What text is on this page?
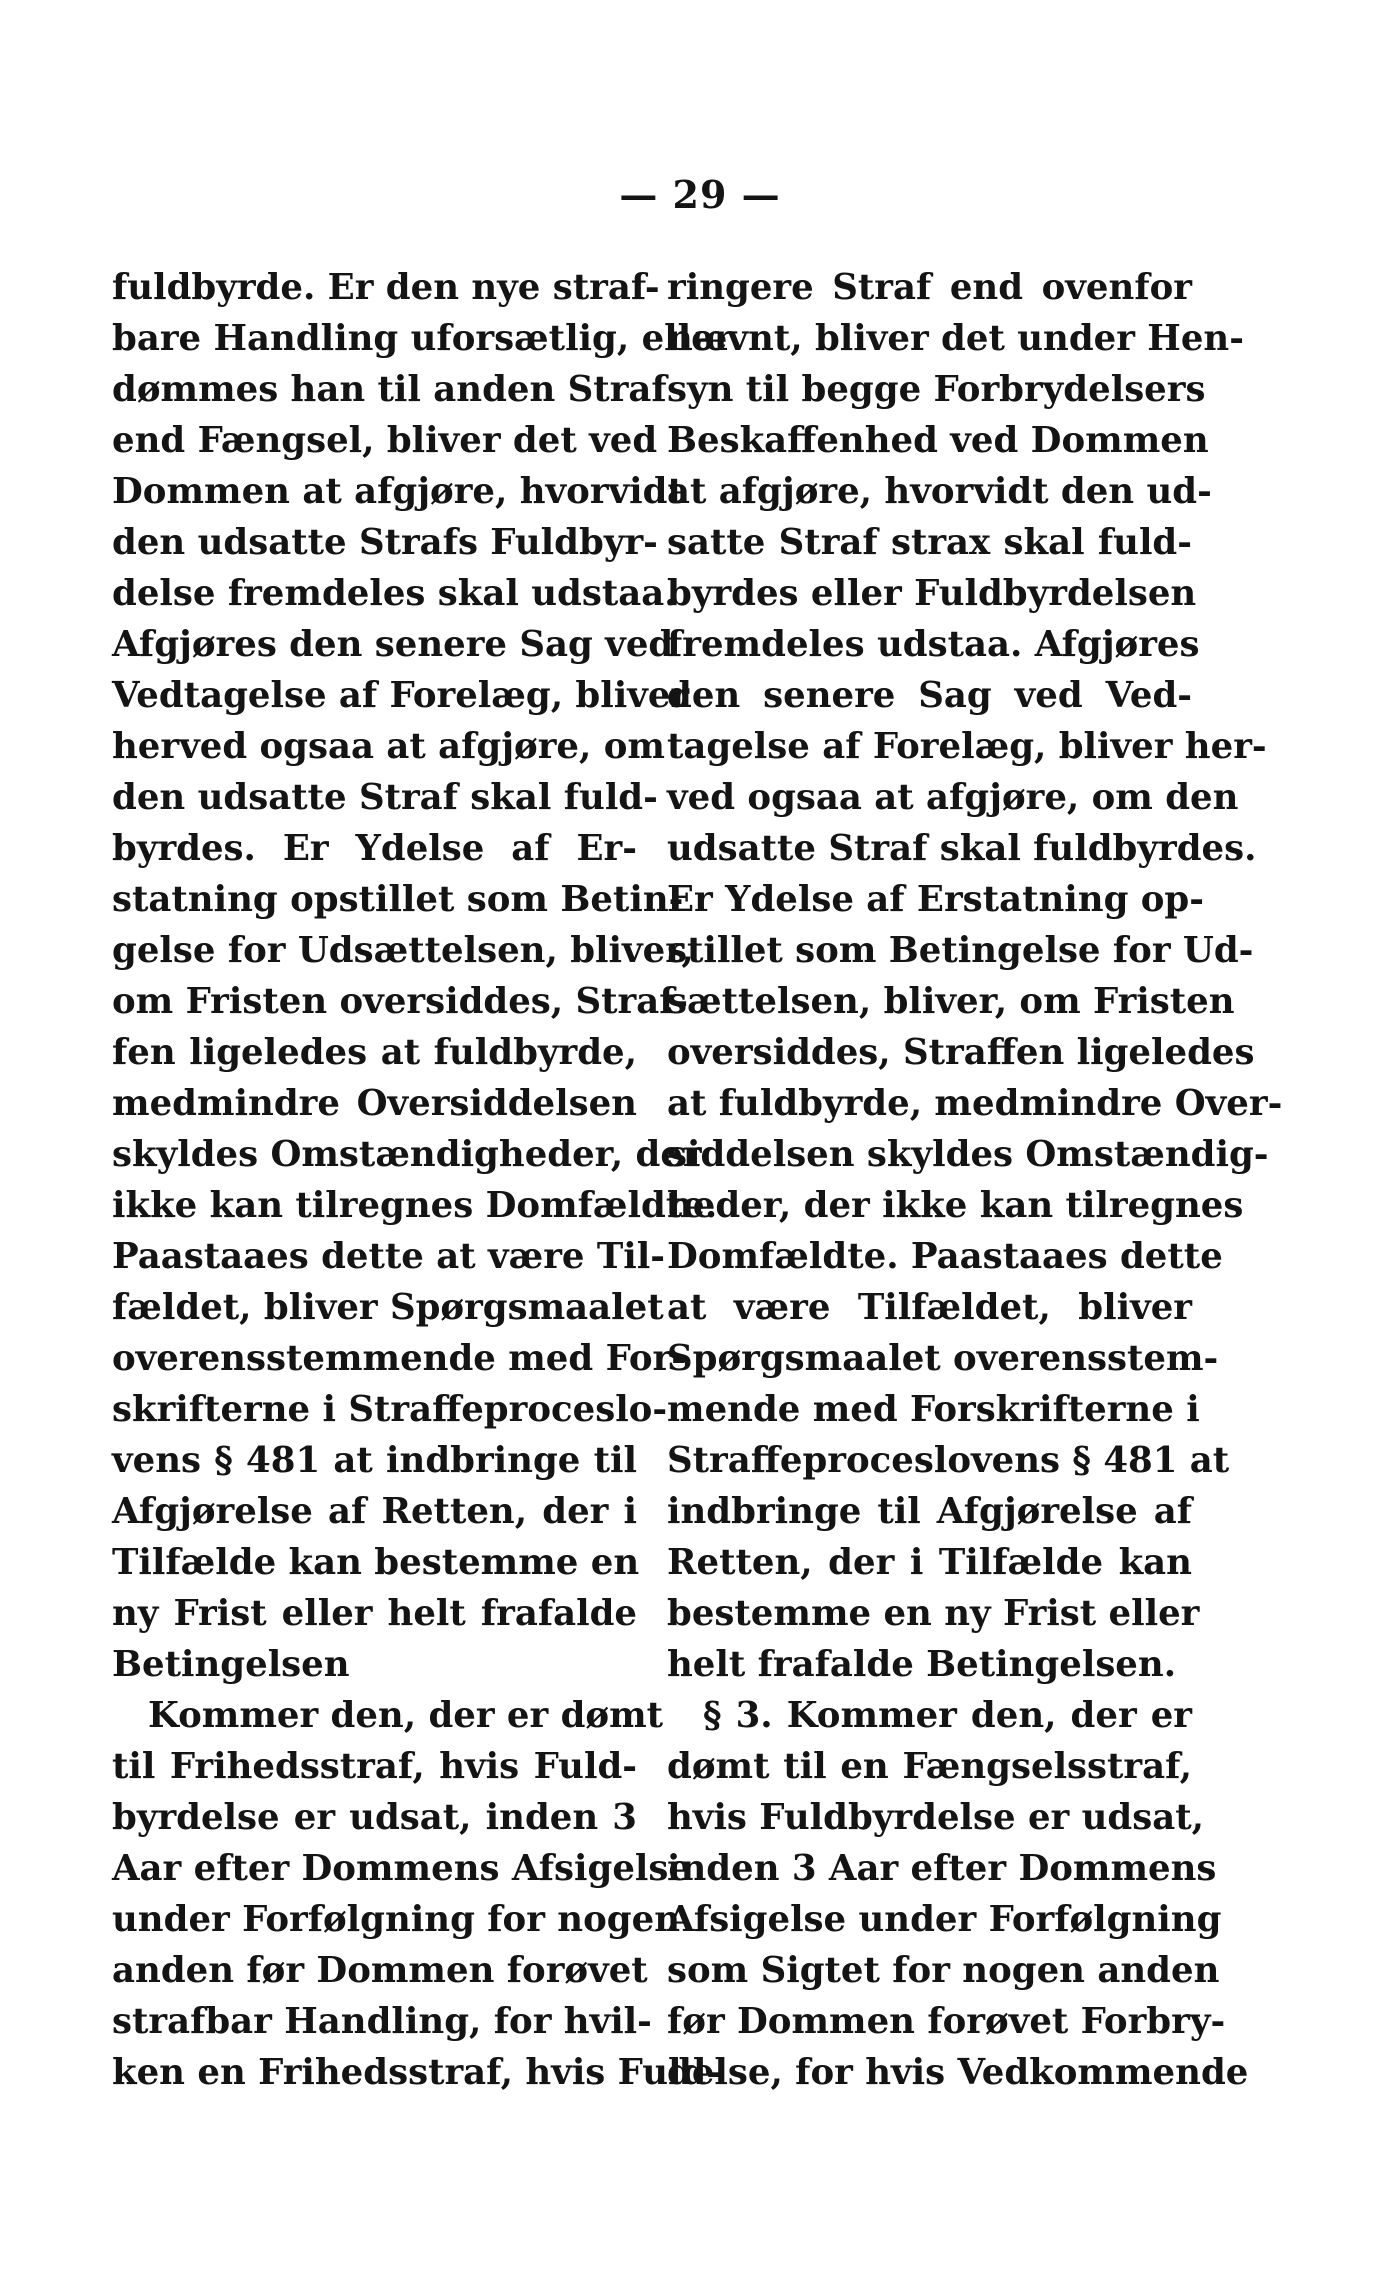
— 29 —
fuldbyrde. Er den nye straf-
bare Handling uforsætlig, eller
dømmes han til anden Straf
end Fængsel, bliver det ved
Dommen at afgjøre, hvorvidt
den udsatte Strafs Fuldbyr-
delse fremdeles skal udstaa.
Afgjøres den senere Sag ved
Vedtagelse af Forelæg, bliver
herved ogsaa at afgjøre, om
den udsatte Straf skal fuld-
byrdes. Er Ydelse af Er-
statning opstillet som Betin-
gelse for Udsættelsen, bliver,
om Fristen oversiddes, Straf-
fen ligeledes at fuldbyrde,
medmindre Oversiddelsen
skyldes Omstændigheder, der
ikke kan tilregnes Domfældte.
Paastaaes dette at være Til-
fældet, bliver Spørgsmaalet
overensstemmende med For-
skrifterne i Straffeproceslo-
vens § 481 at indbringe til
Afgjørelse af Retten, der i
Tilfælde kan bestemme en
ny Frist eller helt frafalde
Betingelsen
Kommer den, der er dømt
til Frihedsstraf, hvis Fuld-
byrdelse er udsat, inden 3
Aar efter Dommens Afsigelse
under Forfølgning for nogen
anden før Dommen forøvet
strafbar Handling, for hvil-
ken en Frihedsstraf, hvis Fuld-
ringere Straf end ovenfor
nævnt, bliver det under Hen-
syn til begge Forbrydelsers
Beskaffenhed ved Dommen
at afgjøre, hvorvidt den ud-
satte Straf strax skal fuld-
byrdes eller Fuldbyrdelsen
fremdeles udstaa. Afgjøres
den senere Sag ved Ved-
tagelse af Forelæg, bliver her-
ved ogsaa at afgjøre, om den
udsatte Straf skal fuldbyrdes.
Er Ydelse af Erstatning op-
stillet som Betingelse for Ud-
sættelsen, bliver, om Fristen
oversiddes, Straffen ligeledes
at fuldbyrde, medmindre Over-
siddelsen skyldes Omstændig-
heder, der ikke kan tilregnes
Domfældte. Paastaaes dette
at være Tilfældet, bliver
Spørgsmaalet overensstem-
mende med Forskrifterne i
Straffeproceslovens § 481 at
indbringe til Afgjørelse af
Retten, der i Tilfælde kan
bestemme en ny Frist eller
helt frafalde Betingelsen.
§ 3. Kommer den, der er
dømt til en Fængselsstraf,
hvis Fuldbyrdelse er udsat,
inden 3 Aar efter Dommens
Afsigelse under Forfølgning
som Sigtet for nogen anden
før Dommen forøvet Forbry-
delse, for hvis Vedkommende
